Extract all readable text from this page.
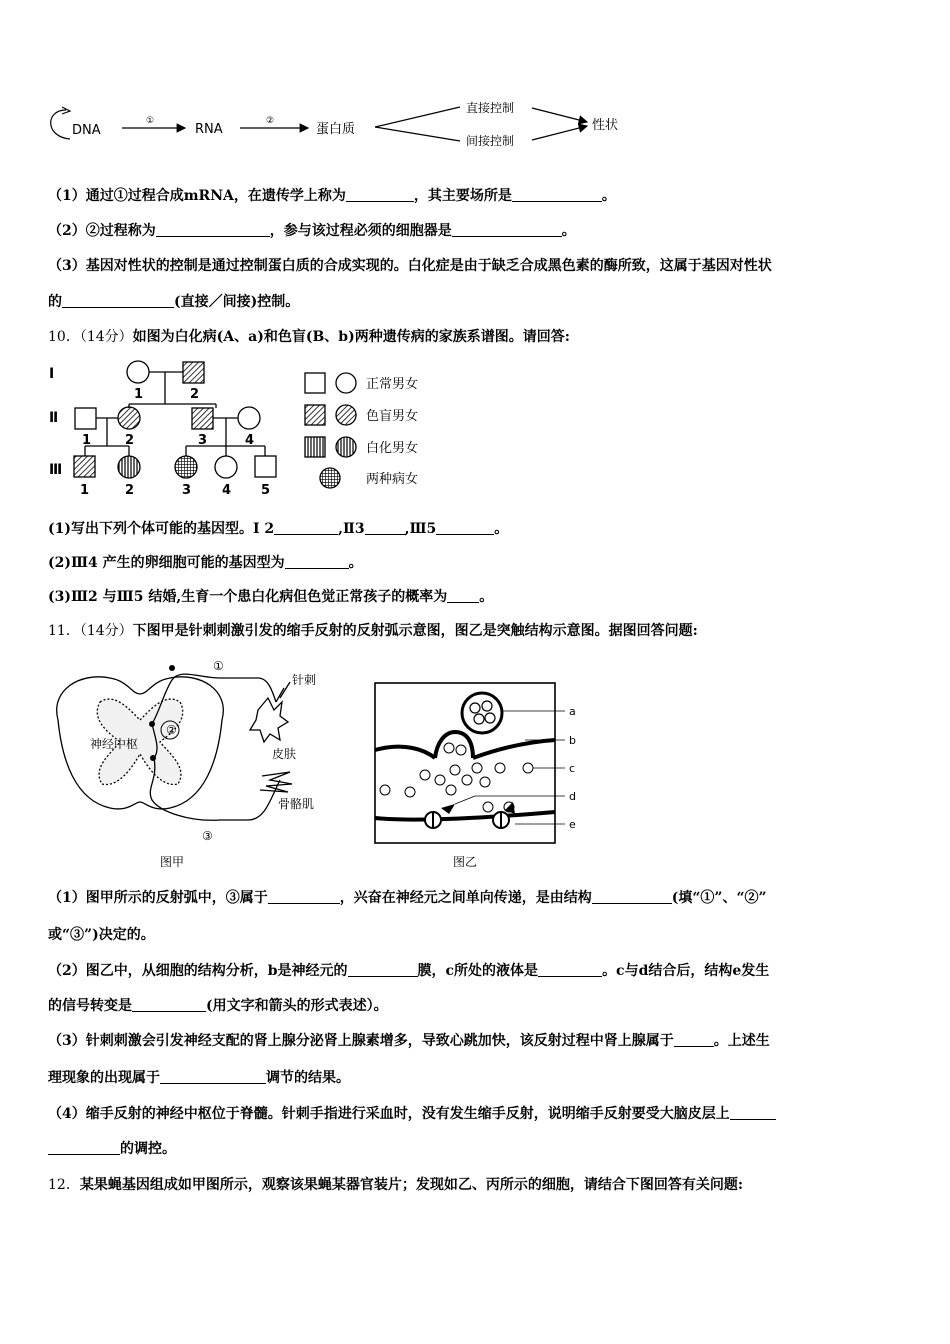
DNA
①
RNA
②
蛋白质
直接控制
间接控制
性状
（1）通过①过程合成mRNA，在遗传学上称为	，其主要场所是	。
（2）②过程称为	，参与该过程必须的细胞器是	。
（3）基因对性状的控制是通过控制蛋白质的合成实现的。白化症是由于缺乏合成黑色素的酶所致，这属于基因对性状
的	(直接／间接)控制。
10．（14分）如图为白化病(A、a)和色盲(B、b)两种遗传病的家族系谱图。请回答:
Ⅰ
Ⅱ
Ⅲ
1	2
1	2	3	4
1	2	3 4 5
正常男女
色盲男女
白化男女
两种病女
(1)写出下列个体可能的基因型。Ⅰ 2	,Ⅱ3	,Ⅲ5	。
(2)Ⅲ4 产生的卵细胞可能的基因型为	。
(3)Ⅲ2 与Ⅲ5 结婚,生育一个患白化病但色觉正常孩子的概率为 。
11．（14分）下图甲是针刺刺激引发的缩手反射的反射弧示意图，图乙是突触结构示意图。据图回答问题:
①
②
③
神经中枢
针刺
皮肤
骨骼肌
图甲
a
b
c
d
e
图乙
（1）图甲所示的反射弧中，③属于	，兴奋在神经元之间单向传递，是由结构	(填“①”、“②”
或“③”)决定的。
（2）图乙中，从细胞的结构分析，b是神经元的	膜，c所处的液体是	。c与d结合后，结构e发生
的信号转变是	(用文字和箭头的形式表述）。
（3）针刺刺激会引发神经支配的肾上腺分泌肾上腺素增多，导致心跳加快，该反射过程中肾上腺属于	。上述生
理现象的出现属于	调节的结果。
（4）缩手反射的神经中枢位于脊髓。针刺手指进行采血时，没有发生缩手反射，说明缩手反射要受大脑皮层上
的调控。
12．某果蝇基因组成如甲图所示，观察该果蝇某器官装片；发现如乙、丙所示的细胞，请结合下图回答有关问题:
